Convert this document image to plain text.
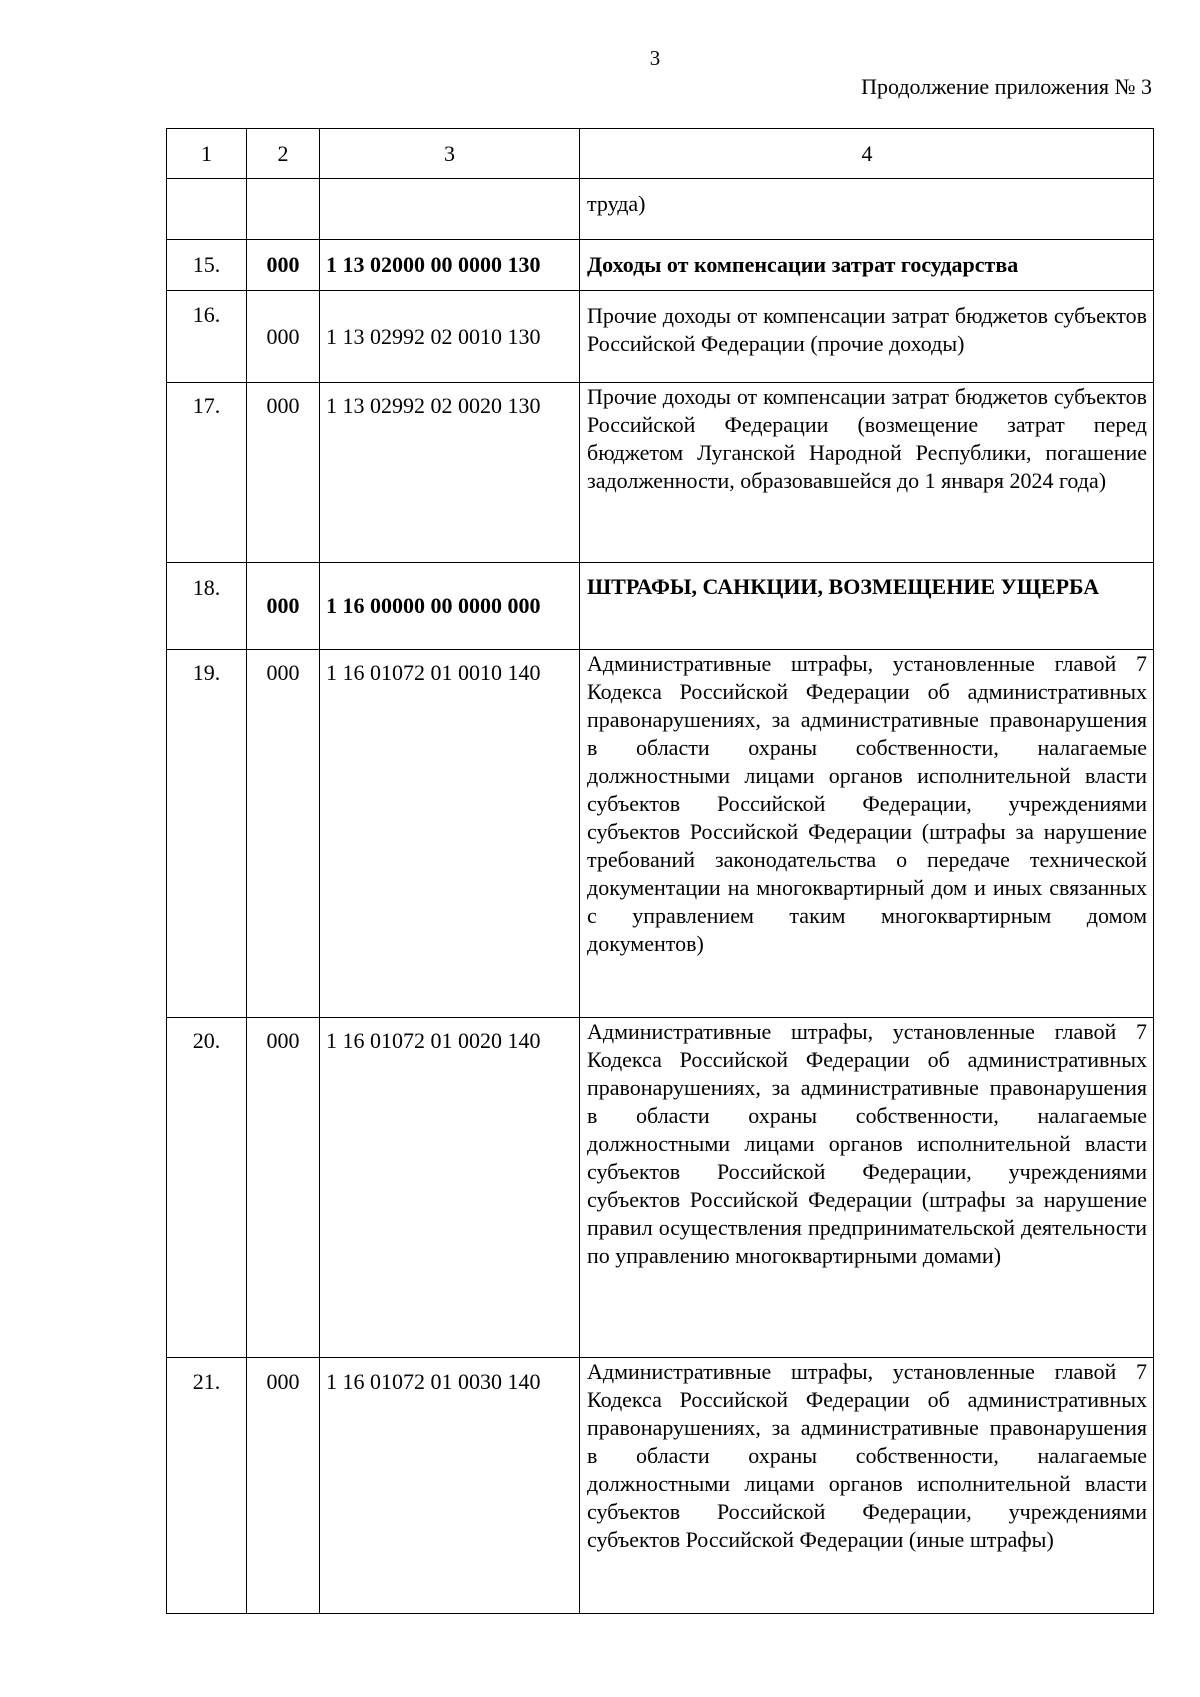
3
Продолжение приложения № 3
1	2	3	4
			труда)
15.	000	1 13 02000 00 0000 130	Доходы от компенсации затрат государства
16.	000	1 13 02992 02 0010 130	Прочие доходы от компенсации затрат бюджетов субъектов Российской Федерации (прочие доходы)
17.	000	1 13 02992 02 0020 130	Прочие доходы от компенсации затрат бюджетов субъектов Российской Федерации (возмещение затрат перед бюджетом Луганской Народной Республики, погашение задолженности, образовавшейся до 1 января 2024 года)
18.	000	1 16 00000 00 0000 000	ШТРАФЫ, САНКЦИИ, ВОЗМЕЩЕНИЕ УЩЕРБА
19.	000	1 16 01072 01 0010 140	Административные штрафы, установленные главой 7 Кодекса Российской Федерации об административных правонарушениях, за административные правонарушения в области охраны собственности, налагаемые должностными лицами органов исполнительной власти субъектов Российской Федерации, учреждениями субъектов Российской Федерации (штрафы за нарушение требований законодательства о передаче технической документации на многоквартирный дом и иных связанных с управлением таким многоквартирным домом документов)
20.	000	1 16 01072 01 0020 140	Административные штрафы, установленные главой 7 Кодекса Российской Федерации об административных правонарушениях, за административные правонарушения в области охраны собственности, налагаемые должностными лицами органов исполнительной власти субъектов Российской Федерации, учреждениями субъектов Российской Федерации (штрафы за нарушение правил осуществления предпринимательской деятельности по управлению многоквартирными домами)
21.	000	1 16 01072 01 0030 140	Административные штрафы, установленные главой 7 Кодекса Российской Федерации об административных правонарушениях, за административные правонарушения в области охраны собственности, налагаемые должностными лицами органов исполнительной власти субъектов Российской Федерации, учреждениями субъектов Российской Федерации (иные штрафы)
